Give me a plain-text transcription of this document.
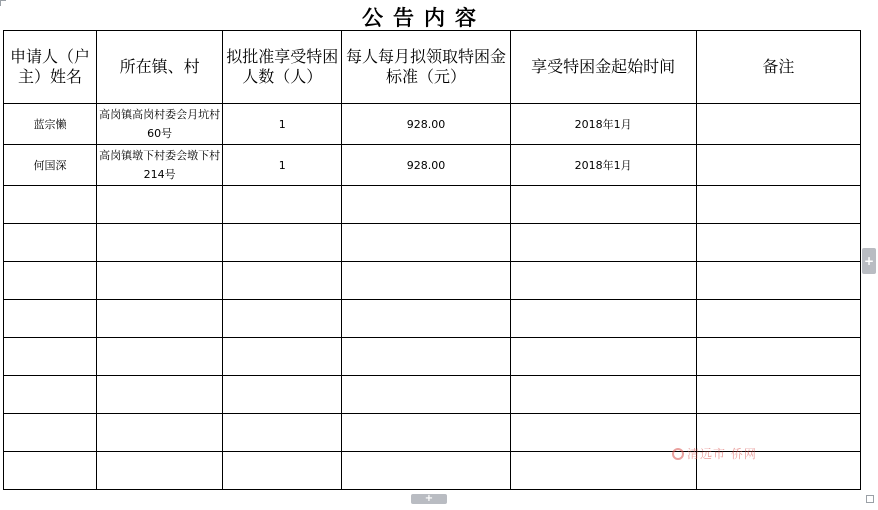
公告内容
申请人（户主）姓名	所在镇、村	拟批准享受特困人数（人）	每人每月拟领取特困金标准（元）	享受特困金起始时间	备注
蓝宗懒	高岗镇高岗村委会月坑村60号	1	928.00	2018年1月	
何国深	高岗镇墩下村委会墩下村214号	1	928.00	2018年1月	

+
+
清远市 侨网
